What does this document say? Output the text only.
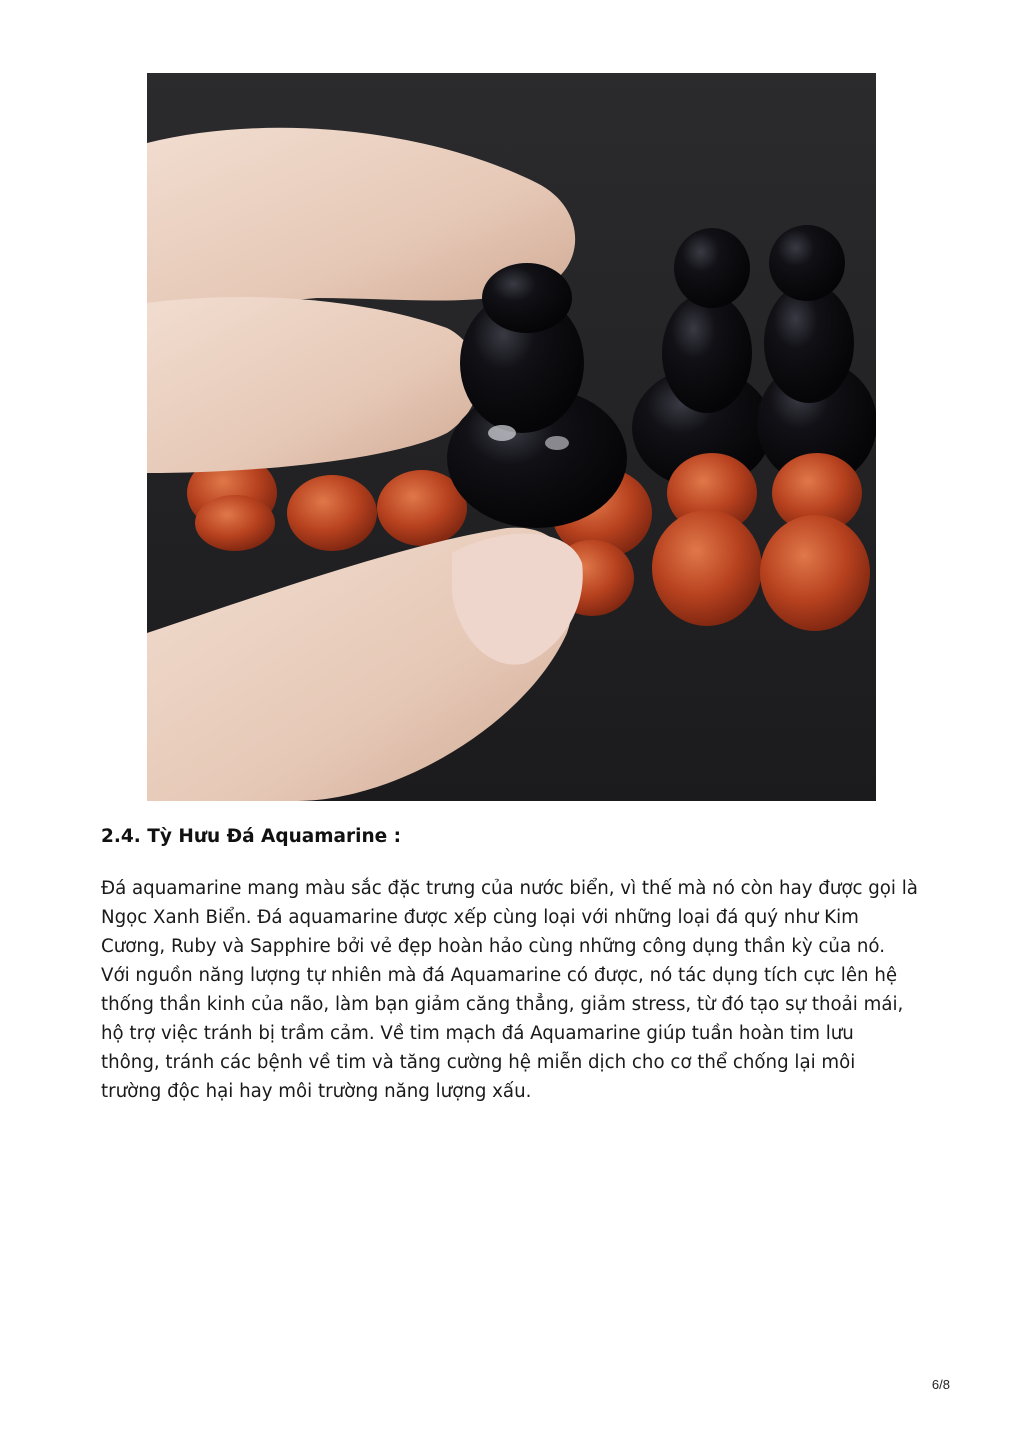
2.4. Tỳ Hưu Đá Aquamarine :

Đá aquamarine mang màu sắc đặc trưng của nước biển, vì thế mà nó còn hay được gọi là
Ngọc Xanh Biển. Đá aquamarine được xếp cùng loại với những loại đá quý như Kim
Cương, Ruby và Sapphire bởi vẻ đẹp hoàn hảo cùng những công dụng thần kỳ của nó.
Với nguồn năng lượng tự nhiên mà đá Aquamarine có được, nó tác dụng tích cực lên hệ
thống thần kinh của não, làm bạn giảm căng thẳng, giảm stress, từ đó tạo sự thoải mái,
hộ trợ việc tránh bị trầm cảm. Về tim mạch đá Aquamarine giúp tuần hoàn tim lưu
thông, tránh các bệnh về tim và tăng cường hệ miễn dịch cho cơ thể chống lại môi
trường độc hại hay môi trường năng lượng xấu.

6/8
